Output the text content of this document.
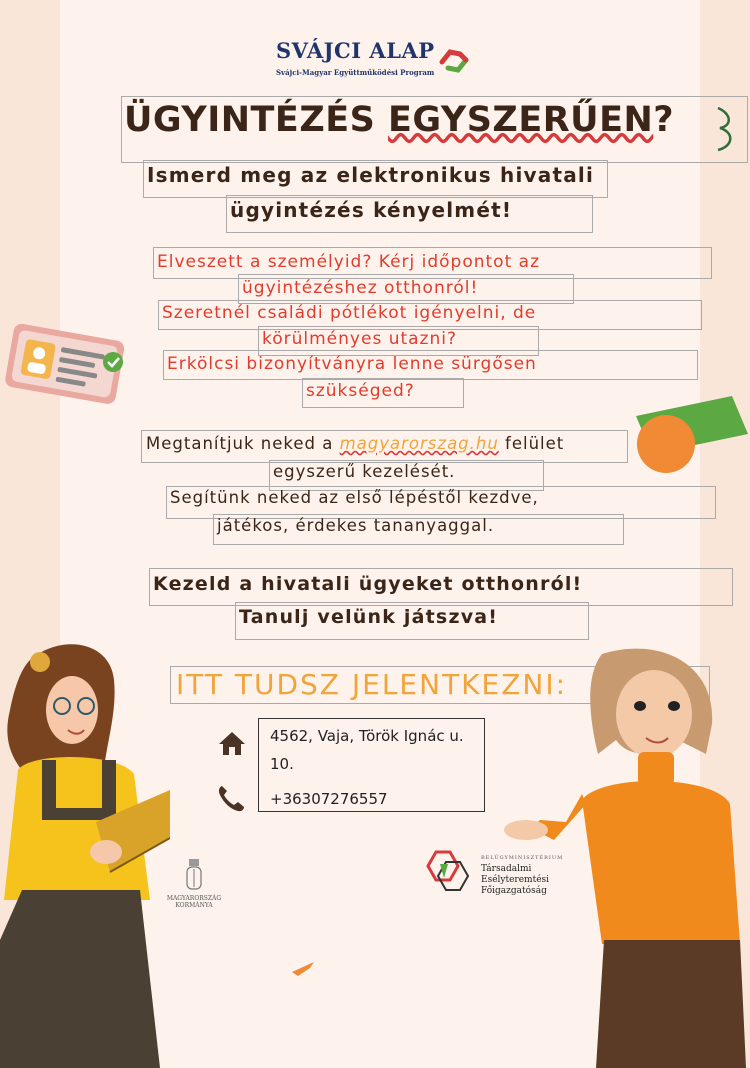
SVÁJCI ALAP
Svájci-Magyar Együttműködési Program
ÜGYINTÉZÉS EGYSZERŰEN?
Ismerd meg az elektronikus hivatali
ügyintézés kényelmét!
Elveszett a személyid? Kérj időpontot az
ügyintézéshez otthonról!
Szeretnél családi pótlékot igényelni, de
körülményes utazni?
Erkölcsi bizonyítványra lenne sürgősen
szükséged?
Megtanítjuk neked a magyarorszag.hu felület
egyszerű kezelését.
Segítünk neked az első lépéstől kezdve,
játékos, érdekes tananyaggal.
Kezeld a hivatali ügyeket otthonról!
Tanulj velünk játszva!
ITT TUDSZ JELENTKEZNI:
4562, Vaja, Török Ignác u.
10.
+36307276557
MAGYARORSZÁG
KORMÁNYA
BELÜGYMINISZTÉRIUM
Társadalmi
Esélyteremtési
Főigazgatóság
